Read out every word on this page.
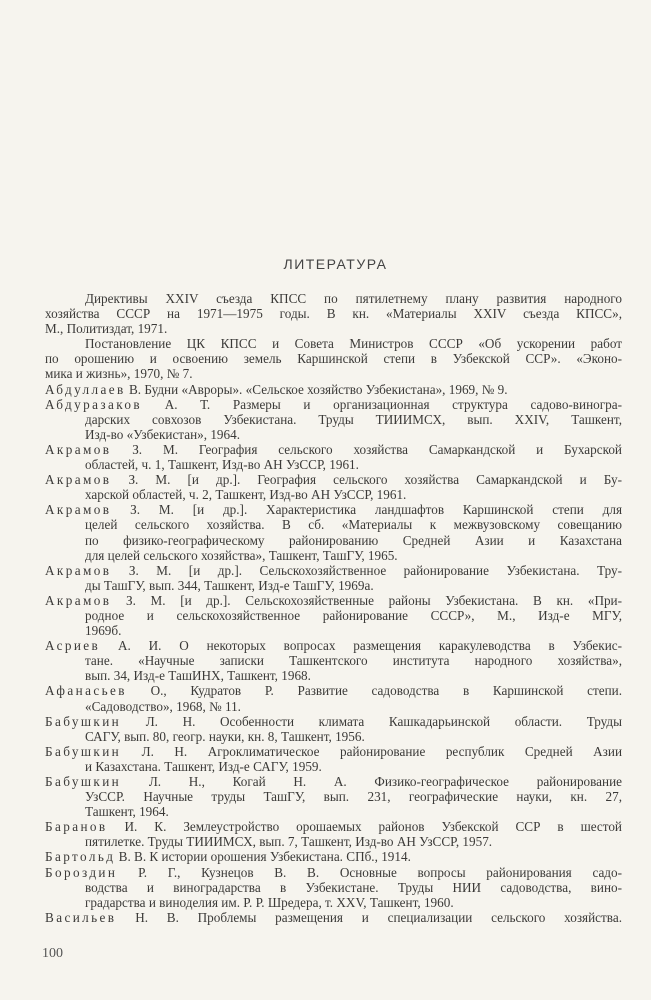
ЛИТЕРАТУРА
Директивы XXIV съезда КПСС по пятилетнему плану развития народного
хозяйства СССР на 1971—1975 годы. В кн. «Материалы XXIV съезда КПСС»,
М., Политиздат, 1971.
Постановление ЦК КПСС и Совета Министров СССР «Об ускорении работ
по орошению и освоению земель Каршинской степи в Узбекской ССР». «Эконо-
мика и жизнь», 1970, № 7.
Абдуллаев В. Будни «Авроры». «Сельское хозяйство Узбекистана», 1969, № 9.
Абдуразаков А. Т. Размеры и организационная структура садово-виногра-
дарских совхозов Узбекистана. Труды ТИИИМСХ, вып. XXIV, Ташкент,
Изд-во «Узбекистан», 1964.
Акрамов З. М. География сельского хозяйства Самаркандской и Бухарской
областей, ч. 1, Ташкент, Изд-во АН УзССР, 1961.
Акрамов З. М. [и др.]. География сельского хозяйства Самаркандской и Бу-
харской областей, ч. 2, Ташкент, Изд-во АН УзССР, 1961.
Акрамов З. М. [и др.]. Характеристика ландшафтов Каршинской степи для
целей сельского хозяйства. В сб. «Материалы к межвузовскому совещанию
по физико-географическому районированию Средней Азии и Казахстана
для целей сельского хозяйства», Ташкент, ТашГУ, 1965.
Акрамов З. М. [и др.]. Сельскохозяйственное районирование Узбекистана. Тру-
ды ТашГУ, вып. 344, Ташкент, Изд-е ТашГУ, 1969а.
Акрамов З. М. [и др.]. Сельскохозяйственные районы Узбекистана. В кн. «При-
родное и сельскохозяйственное районирование СССР», М., Изд-е МГУ,
1969б.
Асриев А. И. О некоторых вопросах размещения каракулеводства в Узбекис-
тане. «Научные записки Ташкентского института народного хозяйства»,
вып. 34, Изд-е ТашИНХ, Ташкент, 1968.
Афанасьев О., Кудратов Р. Развитие садоводства в Каршинской степи.
«Садоводство», 1968, № 11.
Бабушкин Л. Н. Особенности климата Кашкадарьинской области. Труды
САГУ, вып. 80, геогр. науки, кн. 8, Ташкент, 1956.
Бабушкин Л. Н. Агроклиматическое районирование республик Средней Азии
и Казахстана. Ташкент, Изд-е САГУ, 1959.
Бабушкин Л. Н., Когай Н. А. Физико-географическое районирование
УзССР. Научные труды ТашГУ, вып. 231, географические науки, кн. 27,
Ташкент, 1964.
Баранов И. К. Землеустройство орошаемых районов Узбекской ССР в шестой
пятилетке. Труды ТИИИМСХ, вып. 7, Ташкент, Изд-во АН УзССР, 1957.
Бартольд В. В. К истории орошения Узбекистана. СПб., 1914.
Бороздин Р. Г., Кузнецов В. В. Основные вопросы районирования садо-
водства и виноградарства в Узбекистане. Труды НИИ садоводства, вино-
градарства и виноделия им. Р. Р. Шредера, т. XXV, Ташкент, 1960.
Васильев Н. В. Проблемы размещения и специализации сельского хозяйства.
100
